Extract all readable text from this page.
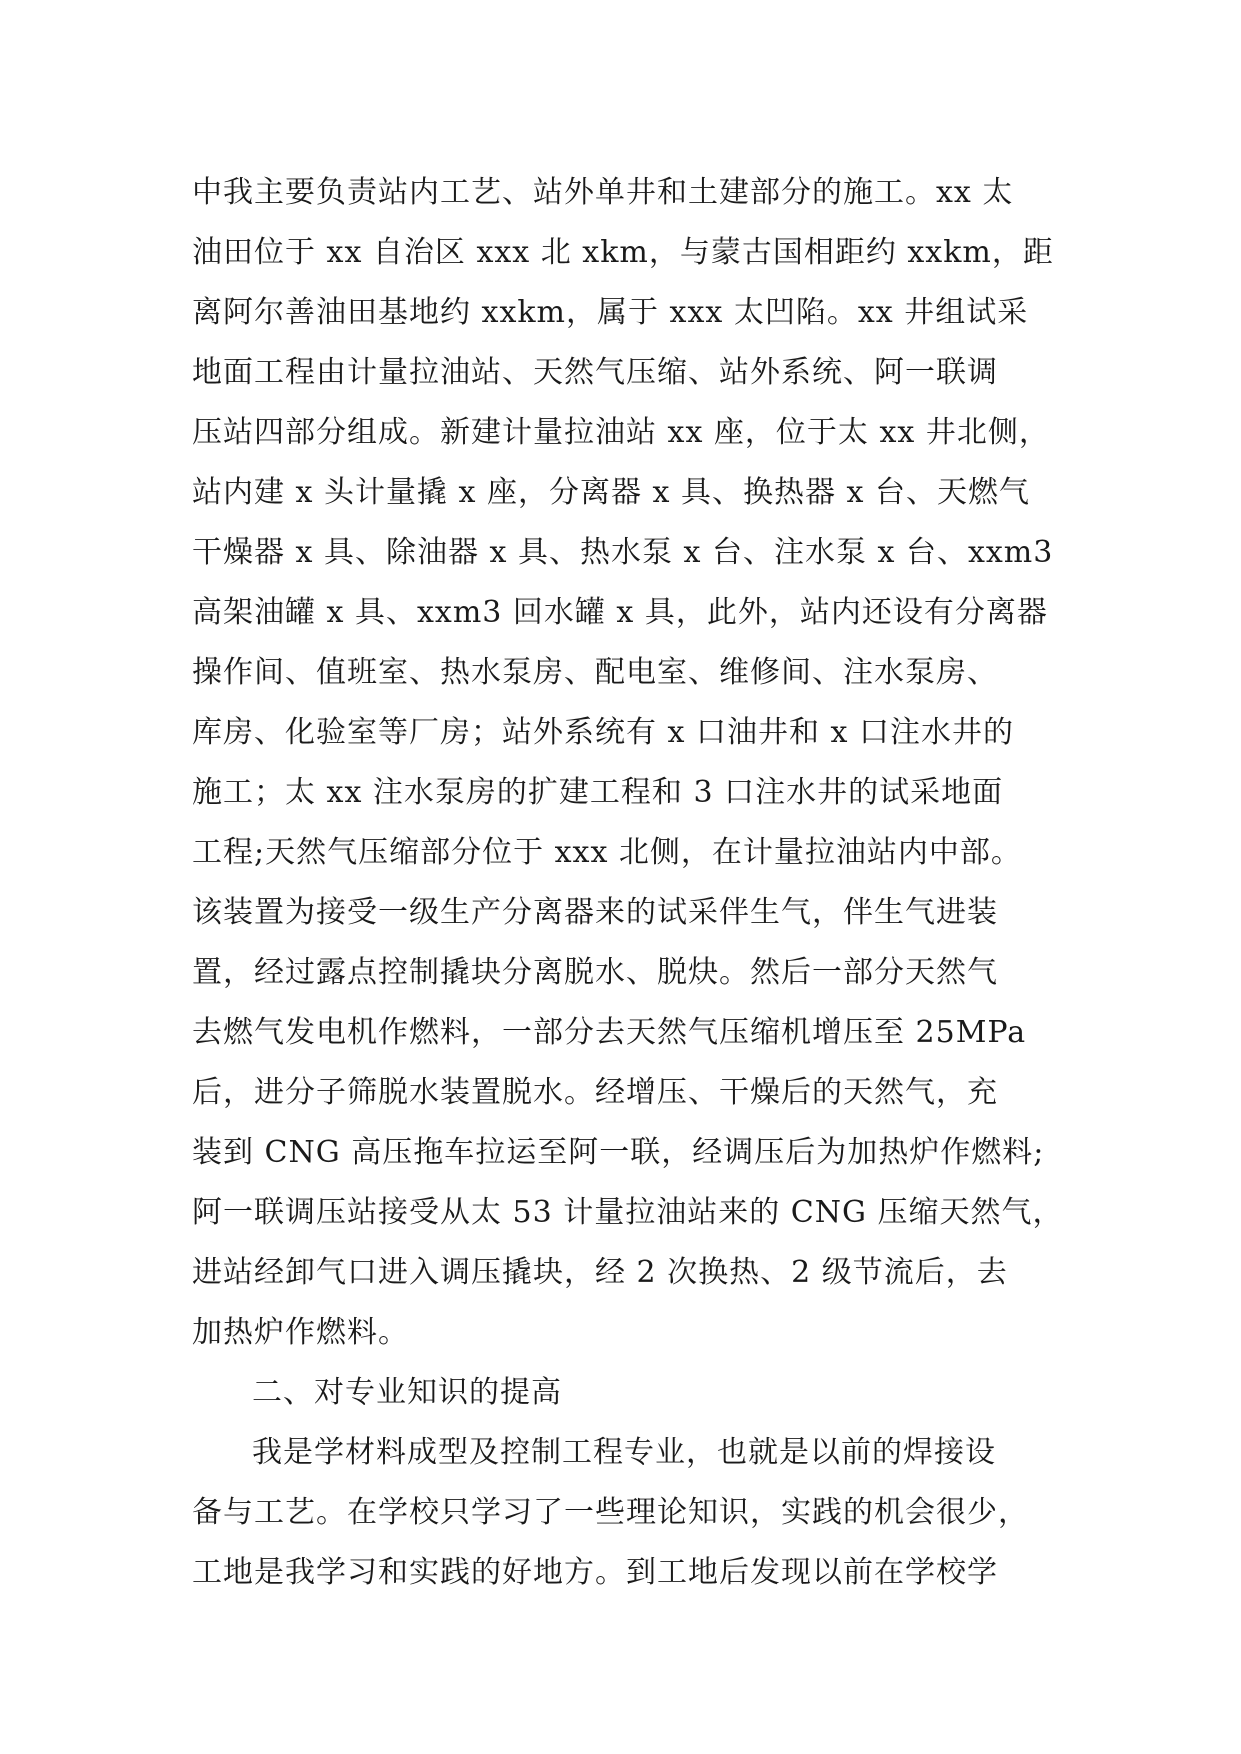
中我主要负责站内工艺、站外单井和土建部分的施工。xx 太
油田位于 xx 自治区 xxx 北 xkm，与蒙古国相距约 xxkm，距
离阿尔善油田基地约 xxkm，属于 xxx 太凹陷。xx 井组试采
地面工程由计量拉油站、天然气压缩、站外系统、阿一联调
压站四部分组成。新建计量拉油站 xx 座，位于太 xx 井北侧，
站内建 x 头计量撬 x 座，分离器 x 具、换热器 x 台、天燃气
干燥器 x 具、除油器 x 具、热水泵 x 台、注水泵 x 台、xxm3
高架油罐 x 具、xxm3 回水罐 x 具，此外，站内还设有分离器
操作间、值班室、热水泵房、配电室、维修间、注水泵房、
库房、化验室等厂房；站外系统有 x 口油井和 x 口注水井的
施工；太 xx 注水泵房的扩建工程和 3 口注水井的试采地面
工程;天然气压缩部分位于 xxx 北侧，在计量拉油站内中部。
该装置为接受一级生产分离器来的试采伴生气，伴生气进装
置，经过露点控制撬块分离脱水、脱炔。然后一部分天然气
去燃气发电机作燃料，一部分去天然气压缩机增压至 25MPa
后，进分子筛脱水装置脱水。经增压、干燥后的天然气，充
装到 CNG 高压拖车拉运至阿一联，经调压后为加热炉作燃料;
阿一联调压站接受从太 53 计量拉油站来的 CNG 压缩天然气，
进站经卸气口进入调压撬块，经 2 次换热、2 级节流后，去
加热炉作燃料。
二、对专业知识的提高
我是学材料成型及控制工程专业，也就是以前的焊接设
备与工艺。在学校只学习了一些理论知识，实践的机会很少，
工地是我学习和实践的好地方。到工地后发现以前在学校学
